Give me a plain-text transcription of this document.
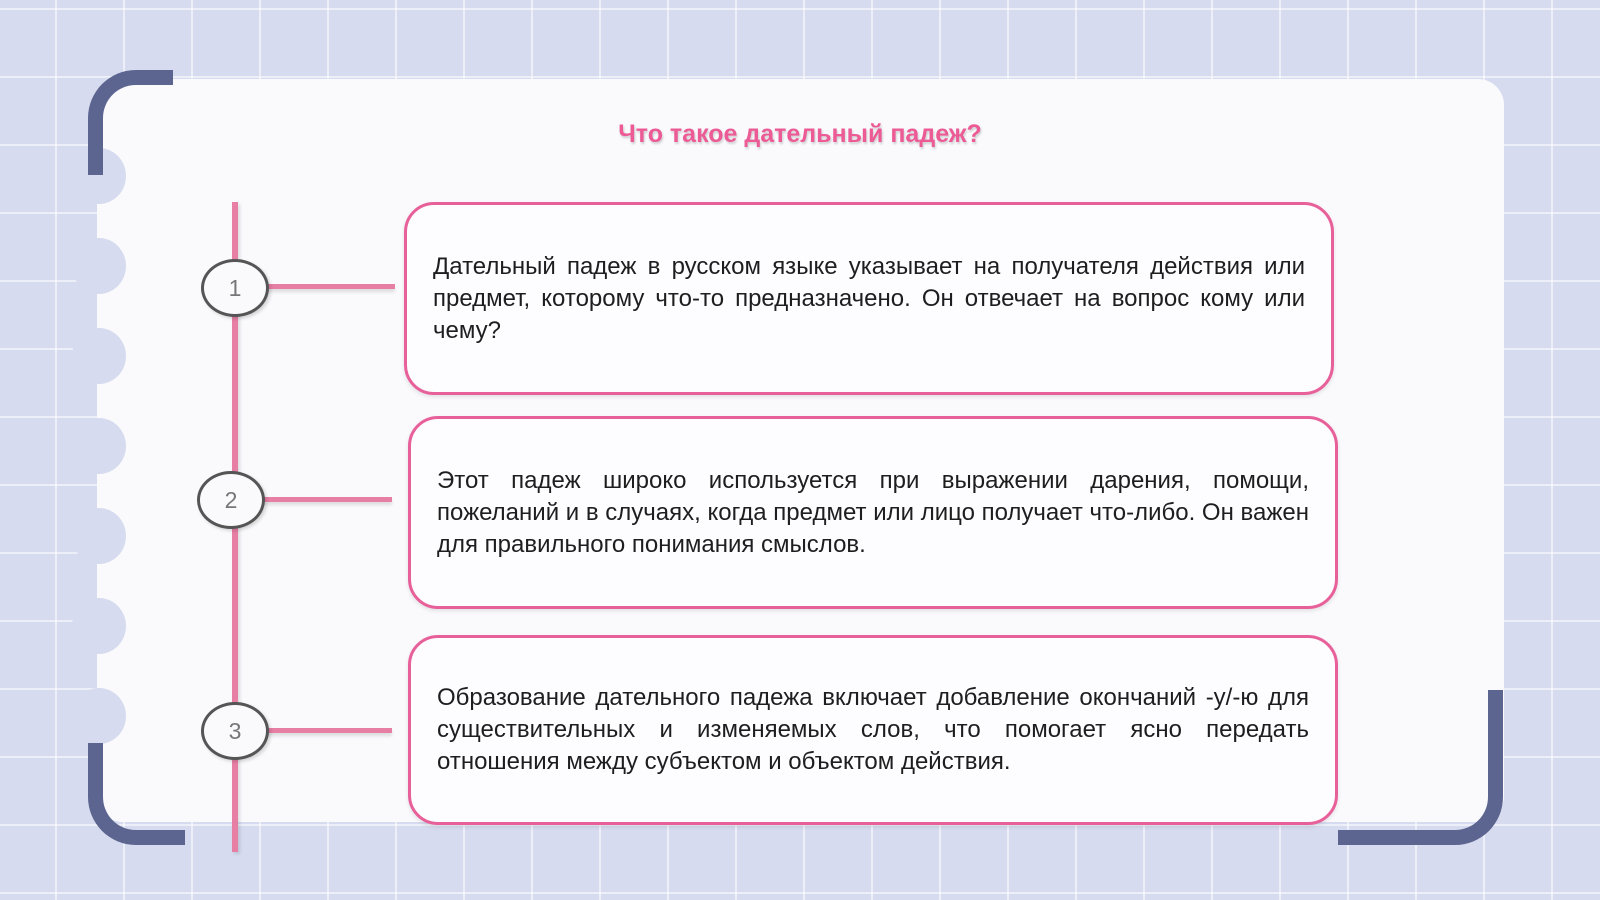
Что такое дательный падеж?
1
2
3
Дательный падеж в русском языке указывает на получателя действия или предмет, которому что-то предназначено. Он отвечает на вопрос кому или чему?
Этот падеж широко используется при выражении дарения, помощи, пожеланий и в случаях, когда предмет или лицо получает что-либо. Он важен для правильного понимания смыслов.
Образование дательного падежа включает добавление окончаний -у/-ю для существительных и изменяемых слов, что помогает ясно передать отношения между субъектом и объектом действия.
